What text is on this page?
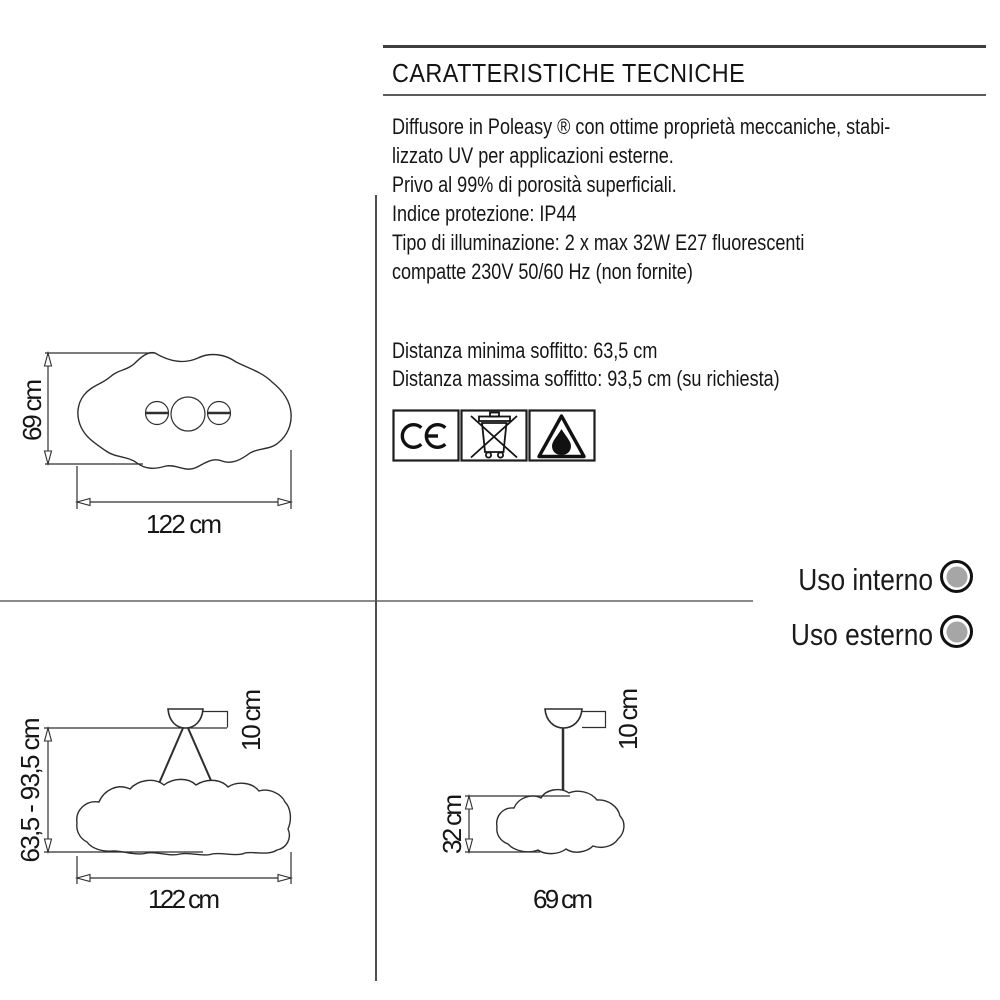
CARATTERISTICHE TECNICHE
Diffusore in Poleasy ® con ottime proprietà meccaniche, stabi-
lizzato UV per applicazioni esterne.
Privo al 99% di porosità superficiali.
Indice protezione: IP44
Tipo di illuminazione: 2 x max 32W E27 fluorescenti
compatte 230V 50/60 Hz (non fornite)
Distanza minima soffitto: 63,5 cm
Distanza massima soffitto: 93,5 cm (su richiesta)
Uso interno
Uso esterno
69 cm
122 cm
10 cm
63,5 - 93,5 cm
122 cm
10 cm
32 cm
69 cm
